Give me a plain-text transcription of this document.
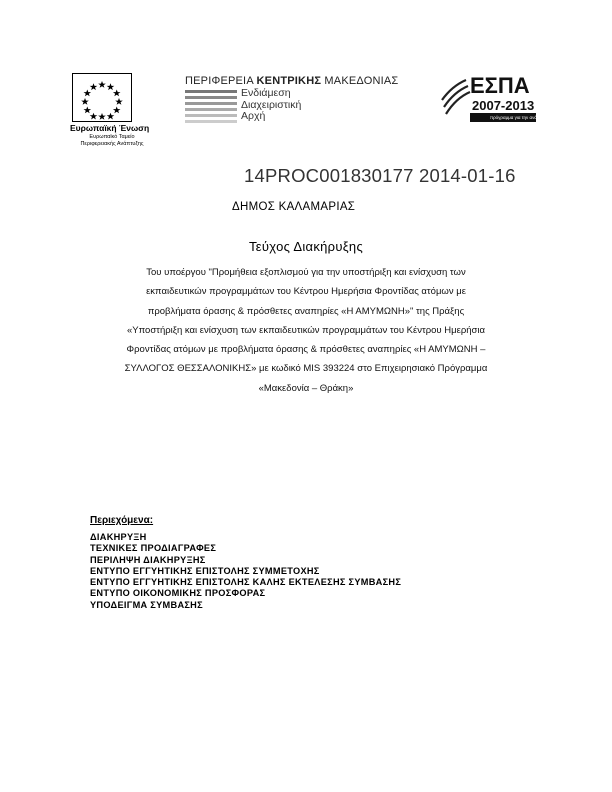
Ευρωπαϊκή Ένωση
Ευρωπαϊκό Ταμείο
Περιφερειακής Ανάπτυξης
ΠΕΡΙΦΕΡΕΙΑ ΚΕΝΤΡΙΚΗΣ ΜΑΚΕΔΟΝΙΑΣ
Ενδιάμεση
Διαχειριστική
Αρχή
ΕΣΠΑ
2007-2013
πρόγραμμα για την ανάπτυξη
14PROC001830177 2014-01-16
ΔΗΜΟΣ ΚΑΛΑΜΑΡΙΑΣ
Τεύχος Διακήρυξης
Του υποέργου "Προμήθεια εξοπλισμού για την υποστήριξη και ενίσχυση των
εκπαιδευτικών προγραμμάτων του Κέντρου Ημερήσια Φροντίδας ατόμων με
προβλήματα όρασης & πρόσθετες αναπηρίες «Η ΑΜΥΜΩΝΗ»" της Πράξης
«Υποστήριξη και ενίσχυση των εκπαιδευτικών προγραμμάτων του Κέντρου Ημερήσια
Φροντίδας ατόμων με προβλήματα όρασης & πρόσθετες αναπηρίες «Η ΑΜΥΜΩΝΗ –
ΣΥΛΛΟΓΟΣ ΘΕΣΣΑΛΟΝΙΚΗΣ» με κωδικό MIS 393224 στο Επιχειρησιακό Πρόγραμμα
«Μακεδονία – Θράκη»
Περιεχόμενα:
ΔΙΑΚΗΡΥΞΗ
ΤΕΧΝΙΚΕΣ ΠΡΟΔΙΑΓΡΑΦΕΣ
ΠΕΡΙΛΗΨΗ ΔΙΑΚΗΡΥΞΗΣ
ΕΝΤΥΠΟ ΕΓΓΥΗΤΙΚΗΣ ΕΠΙΣΤΟΛΗΣ ΣΥΜΜΕΤΟΧΗΣ
ΕΝΤΥΠΟ ΕΓΓΥΗΤΙΚΗΣ ΕΠΙΣΤΟΛΗΣ ΚΑΛΗΣ ΕΚΤΕΛΕΣΗΣ ΣΥΜΒΑΣΗΣ
ΕΝΤΥΠΟ ΟΙΚΟΝΟΜΙΚΗΣ ΠΡΟΣΦΟΡΑΣ
ΥΠΟΔΕΙΓΜΑ ΣΥΜΒΑΣΗΣ
